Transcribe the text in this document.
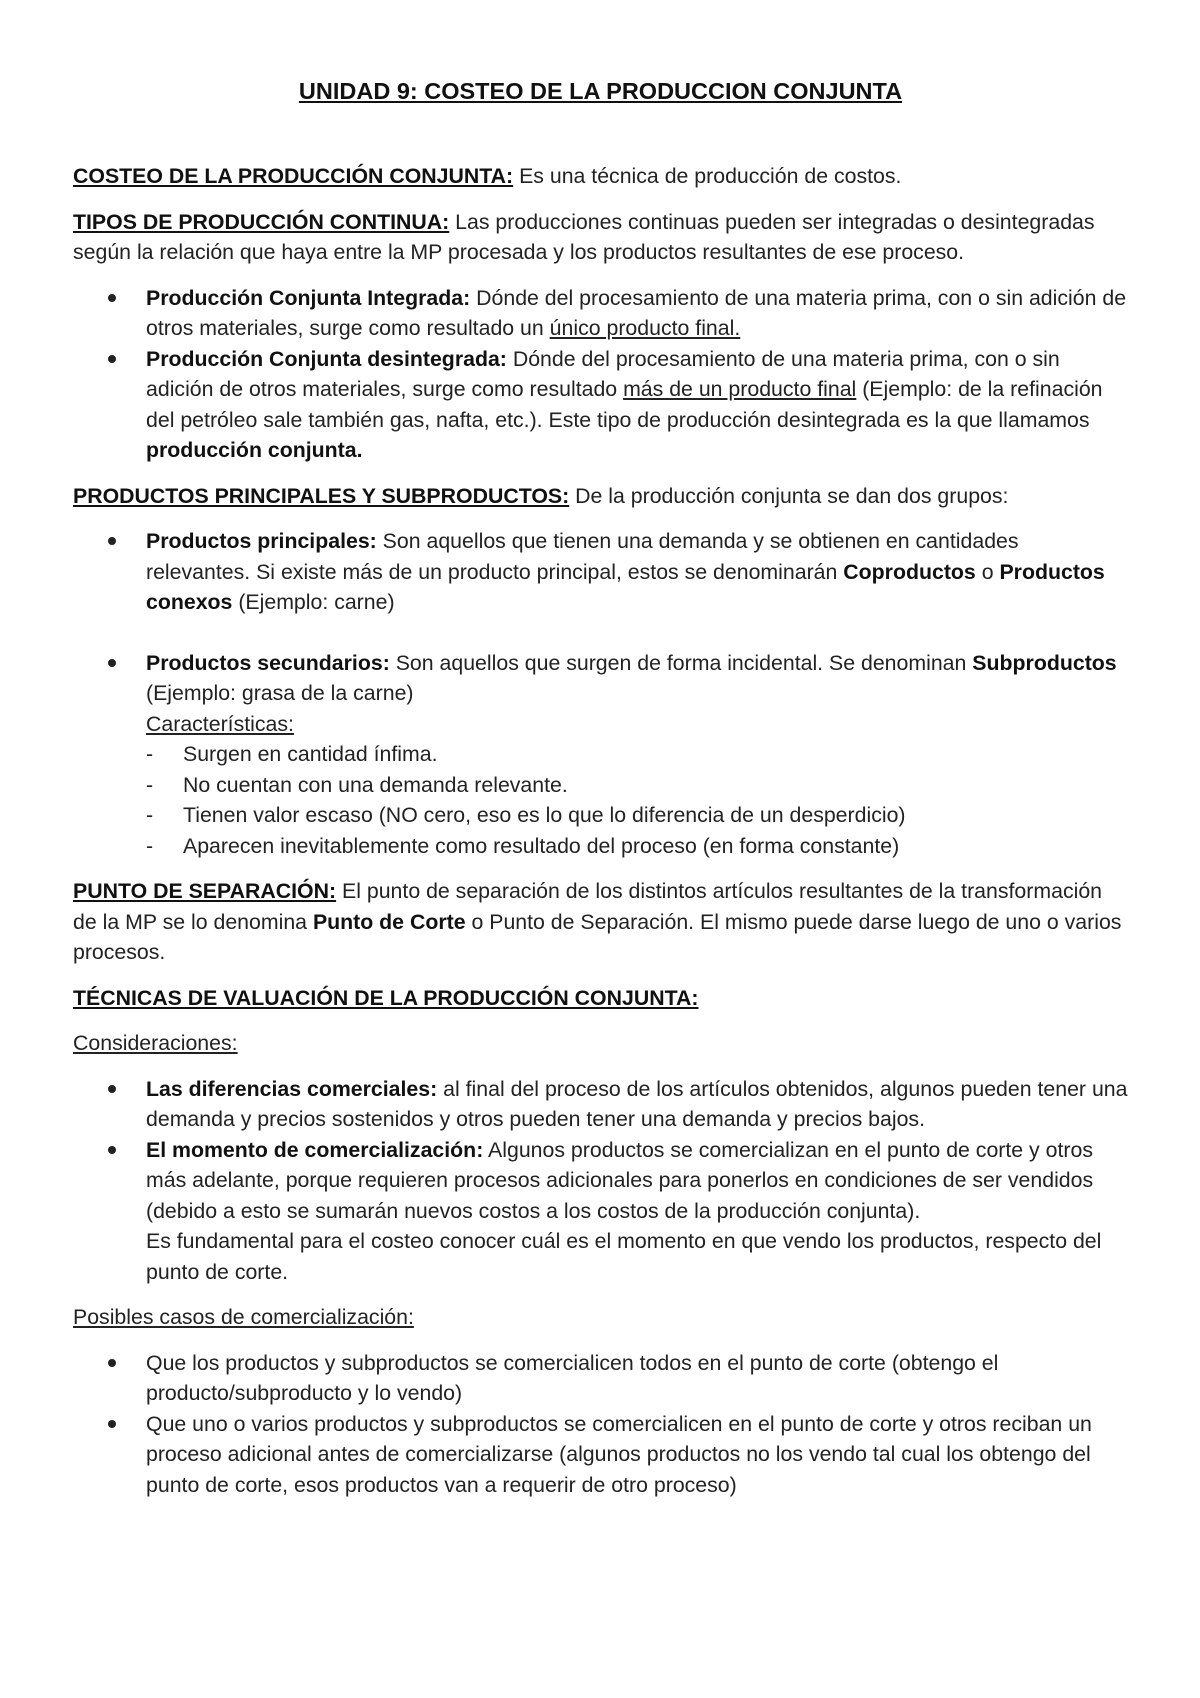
UNIDAD 9: COSTEO DE LA PRODUCCION CONJUNTA

COSTEO DE LA PRODUCCIÓN CONJUNTA: Es una técnica de producción de costos.

TIPOS DE PRODUCCIÓN CONTINUA: Las producciones continuas pueden ser integradas o desintegradas según la relación que haya entre la MP procesada y los productos resultantes de ese proceso.

Producción Conjunta Integrada: Dónde del procesamiento de una materia prima, con o sin adición de otros materiales, surge como resultado un único producto final.
Producción Conjunta desintegrada: Dónde del procesamiento de una materia prima, con o sin adición de otros materiales, surge como resultado más de un producto final (Ejemplo: de la refinación del petróleo sale también gas, nafta, etc.). Este tipo de producción desintegrada es la que llamamos producción conjunta.

PRODUCTOS PRINCIPALES Y SUBPRODUCTOS: De la producción conjunta se dan dos grupos:

Productos principales: Son aquellos que tienen una demanda y se obtienen en cantidades relevantes. Si existe más de un producto principal, estos se denominarán Coproductos o Productos conexos (Ejemplo: carne)
Productos secundarios: Son aquellos que surgen de forma incidental. Se denominan Subproductos (Ejemplo: grasa de la carne)
Características:
- Surgen en cantidad ínfima.
- No cuentan con una demanda relevante.
- Tienen valor escaso (NO cero, eso es lo que lo diferencia de un desperdicio)
- Aparecen inevitablemente como resultado del proceso (en forma constante)

PUNTO DE SEPARACIÓN: El punto de separación de los distintos artículos resultantes de la transformación de la MP se lo denomina Punto de Corte o Punto de Separación. El mismo puede darse luego de uno o varios procesos.

TÉCNICAS DE VALUACIÓN DE LA PRODUCCIÓN CONJUNTA:

Consideraciones:
Las diferencias comerciales: al final del proceso de los artículos obtenidos, algunos pueden tener una demanda y precios sostenidos y otros pueden tener una demanda y precios bajos.
El momento de comercialización: Algunos productos se comercializan en el punto de corte y otros más adelante, porque requieren procesos adicionales para ponerlos en condiciones de ser vendidos (debido a esto se sumarán nuevos costos a los costos de la producción conjunta).
Es fundamental para el costeo conocer cuál es el momento en que vendo los productos, respecto del punto de corte.
Posibles casos de comercialización:
Que los productos y subproductos se comercialicen todos en el punto de corte (obtengo el producto/subproducto y lo vendo)
Que uno o varios productos y subproductos se comercialicen en el punto de corte y otros reciban un proceso adicional antes de comercializarse (algunos productos no los vendo tal cual los obtengo del punto de corte, esos productos van a requerir de otro proceso)
